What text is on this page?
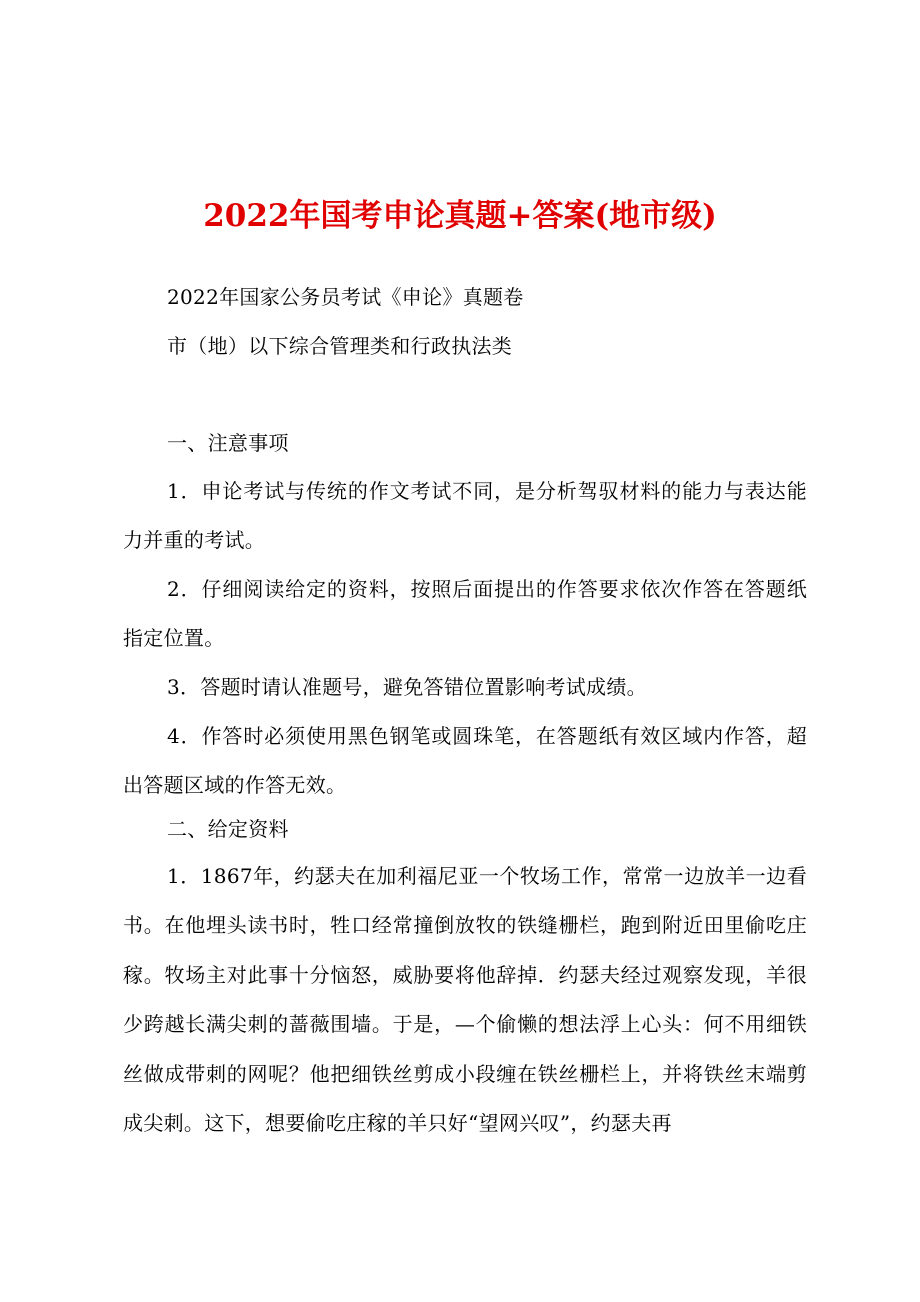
2022年国考申论真题+答案(地市级)
2022年国家公务员考试《申论》真题卷
市（地）以下综合管理类和行政执法类
一、注意事项
1．申论考试与传统的作文考试不同，是分析驾驭材料的能力与表达能力并重的考试。
2．仔细阅读给定的资料，按照后面提出的作答要求依次作答在答题纸指定位置。
3．答题时请认准题号，避免答错位置影响考试成绩。
4．作答时必须使用黑色钢笔或圆珠笔，在答题纸有效区域内作答，超出答题区域的作答无效。
二、给定资料
1．1867年，约瑟夫在加利福尼亚一个牧场工作，常常一边放羊一边看书。在他埋头读书时，牲口经常撞倒放牧的铁缝栅栏，跑到附近田里偷吃庄稼。牧场主对此事十分恼怒，威胁要将他辞掉．约瑟夫经过观察发现，羊很少跨越长满尖刺的蔷薇围墙。于是，—个偷懒的想法浮上心头：何不用细铁丝做成带刺的网呢？他把细铁丝剪成小段缠在铁丝栅栏上，并将铁丝末端剪成尖刺。这下，想要偷吃庄稼的羊只好“望网兴叹”，约瑟夫再
